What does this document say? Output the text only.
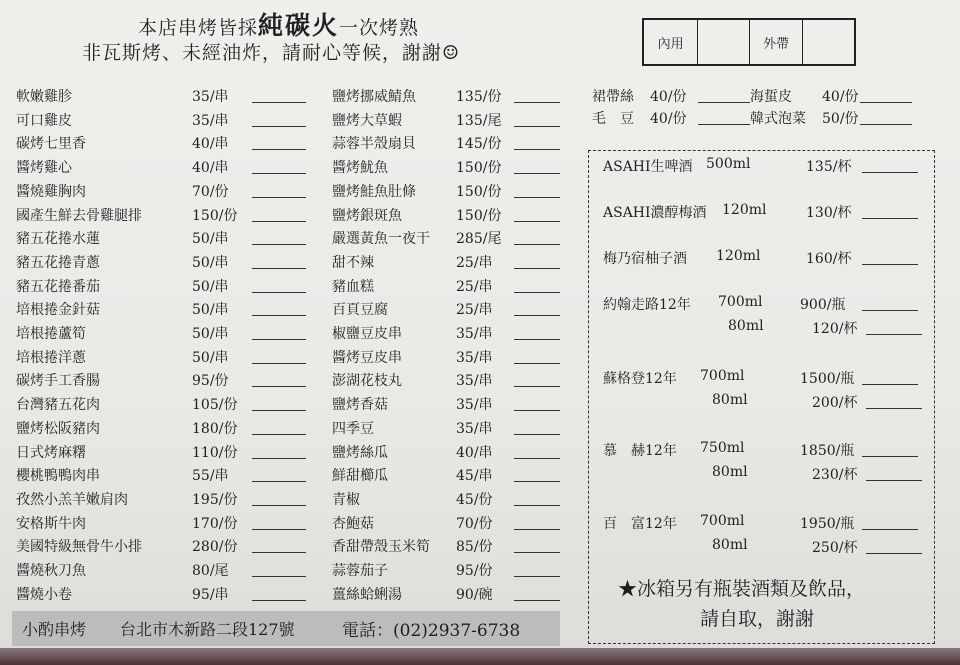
本店串烤皆採純碳火一次烤熟
非瓦斯烤、未經油炸，請耐心等候，謝謝☺	內用	外帶
軟嫩雞胗	35/串
可口雞皮	35/串
碳烤七里香	40/串
醬烤雞心	40/串
醬燒雞胸肉	70/份
國產生鮮去骨雞腿排	150/份
豬五花捲水蓮	50/串
豬五花捲青蔥	50/串
豬五花捲番茄	50/串
培根捲金針菇	50/串
培根捲蘆筍	50/串
培根捲洋蔥	50/串
碳烤手工香腸	95/份
台灣豬五花肉	105/份
鹽烤松阪豬肉	180/份
日式烤麻糬	110/份
櫻桃鴨鴨肉串	55/串
孜然小羔羊嫩肩肉	195/份
安格斯牛肉	170/份
美國特級無骨牛小排	280/份
醬燒秋刀魚	80/尾
醬燒小卷	95/串
鹽烤挪威鯖魚	135/份
鹽烤大草蝦	135/尾
蒜蓉半殼扇貝	145/份
醬烤魷魚	150/份
鹽烤鮭魚肚條	150/份
鹽烤銀斑魚	150/份
嚴選黃魚一夜干 285/尾
甜不辣	25/串
豬血糕	25/串
百頁豆腐	25/串
椒鹽豆皮串	35/串
醬烤豆皮串	35/串
澎湖花枝丸	35/串
鹽烤香菇	35/串
四季豆	35/串
鹽烤絲瓜	40/串
鮮甜櫛瓜	45/串
青椒	45/份
杏鮑菇	70/份
香甜帶殼玉米筍 85/份
蒜蓉茄子	95/份
薑絲蛤蜊湯	90/碗
裙帶絲 40/份	海蜇皮 40/份
毛　豆 40/份	韓式泡菜 50/份
ASAHI生啤酒 500ml	135/杯
ASAHI濃醇梅酒 120ml	130/杯
梅乃宿柚子酒 120ml	160/杯
約翰走路12年 700ml	900/瓶
80ml	120/杯
蘇格登12年 700ml	1500/瓶
80ml	200/杯
慕　赫12年 750ml	1850/瓶
80ml	230/杯
百　富12年 700ml	1950/瓶
80ml	250/杯
★冰箱另有瓶裝酒類及飲品，
請自取，謝謝
小酌串烤 台北市木新路二段127號	電話：(02)2937-6738
